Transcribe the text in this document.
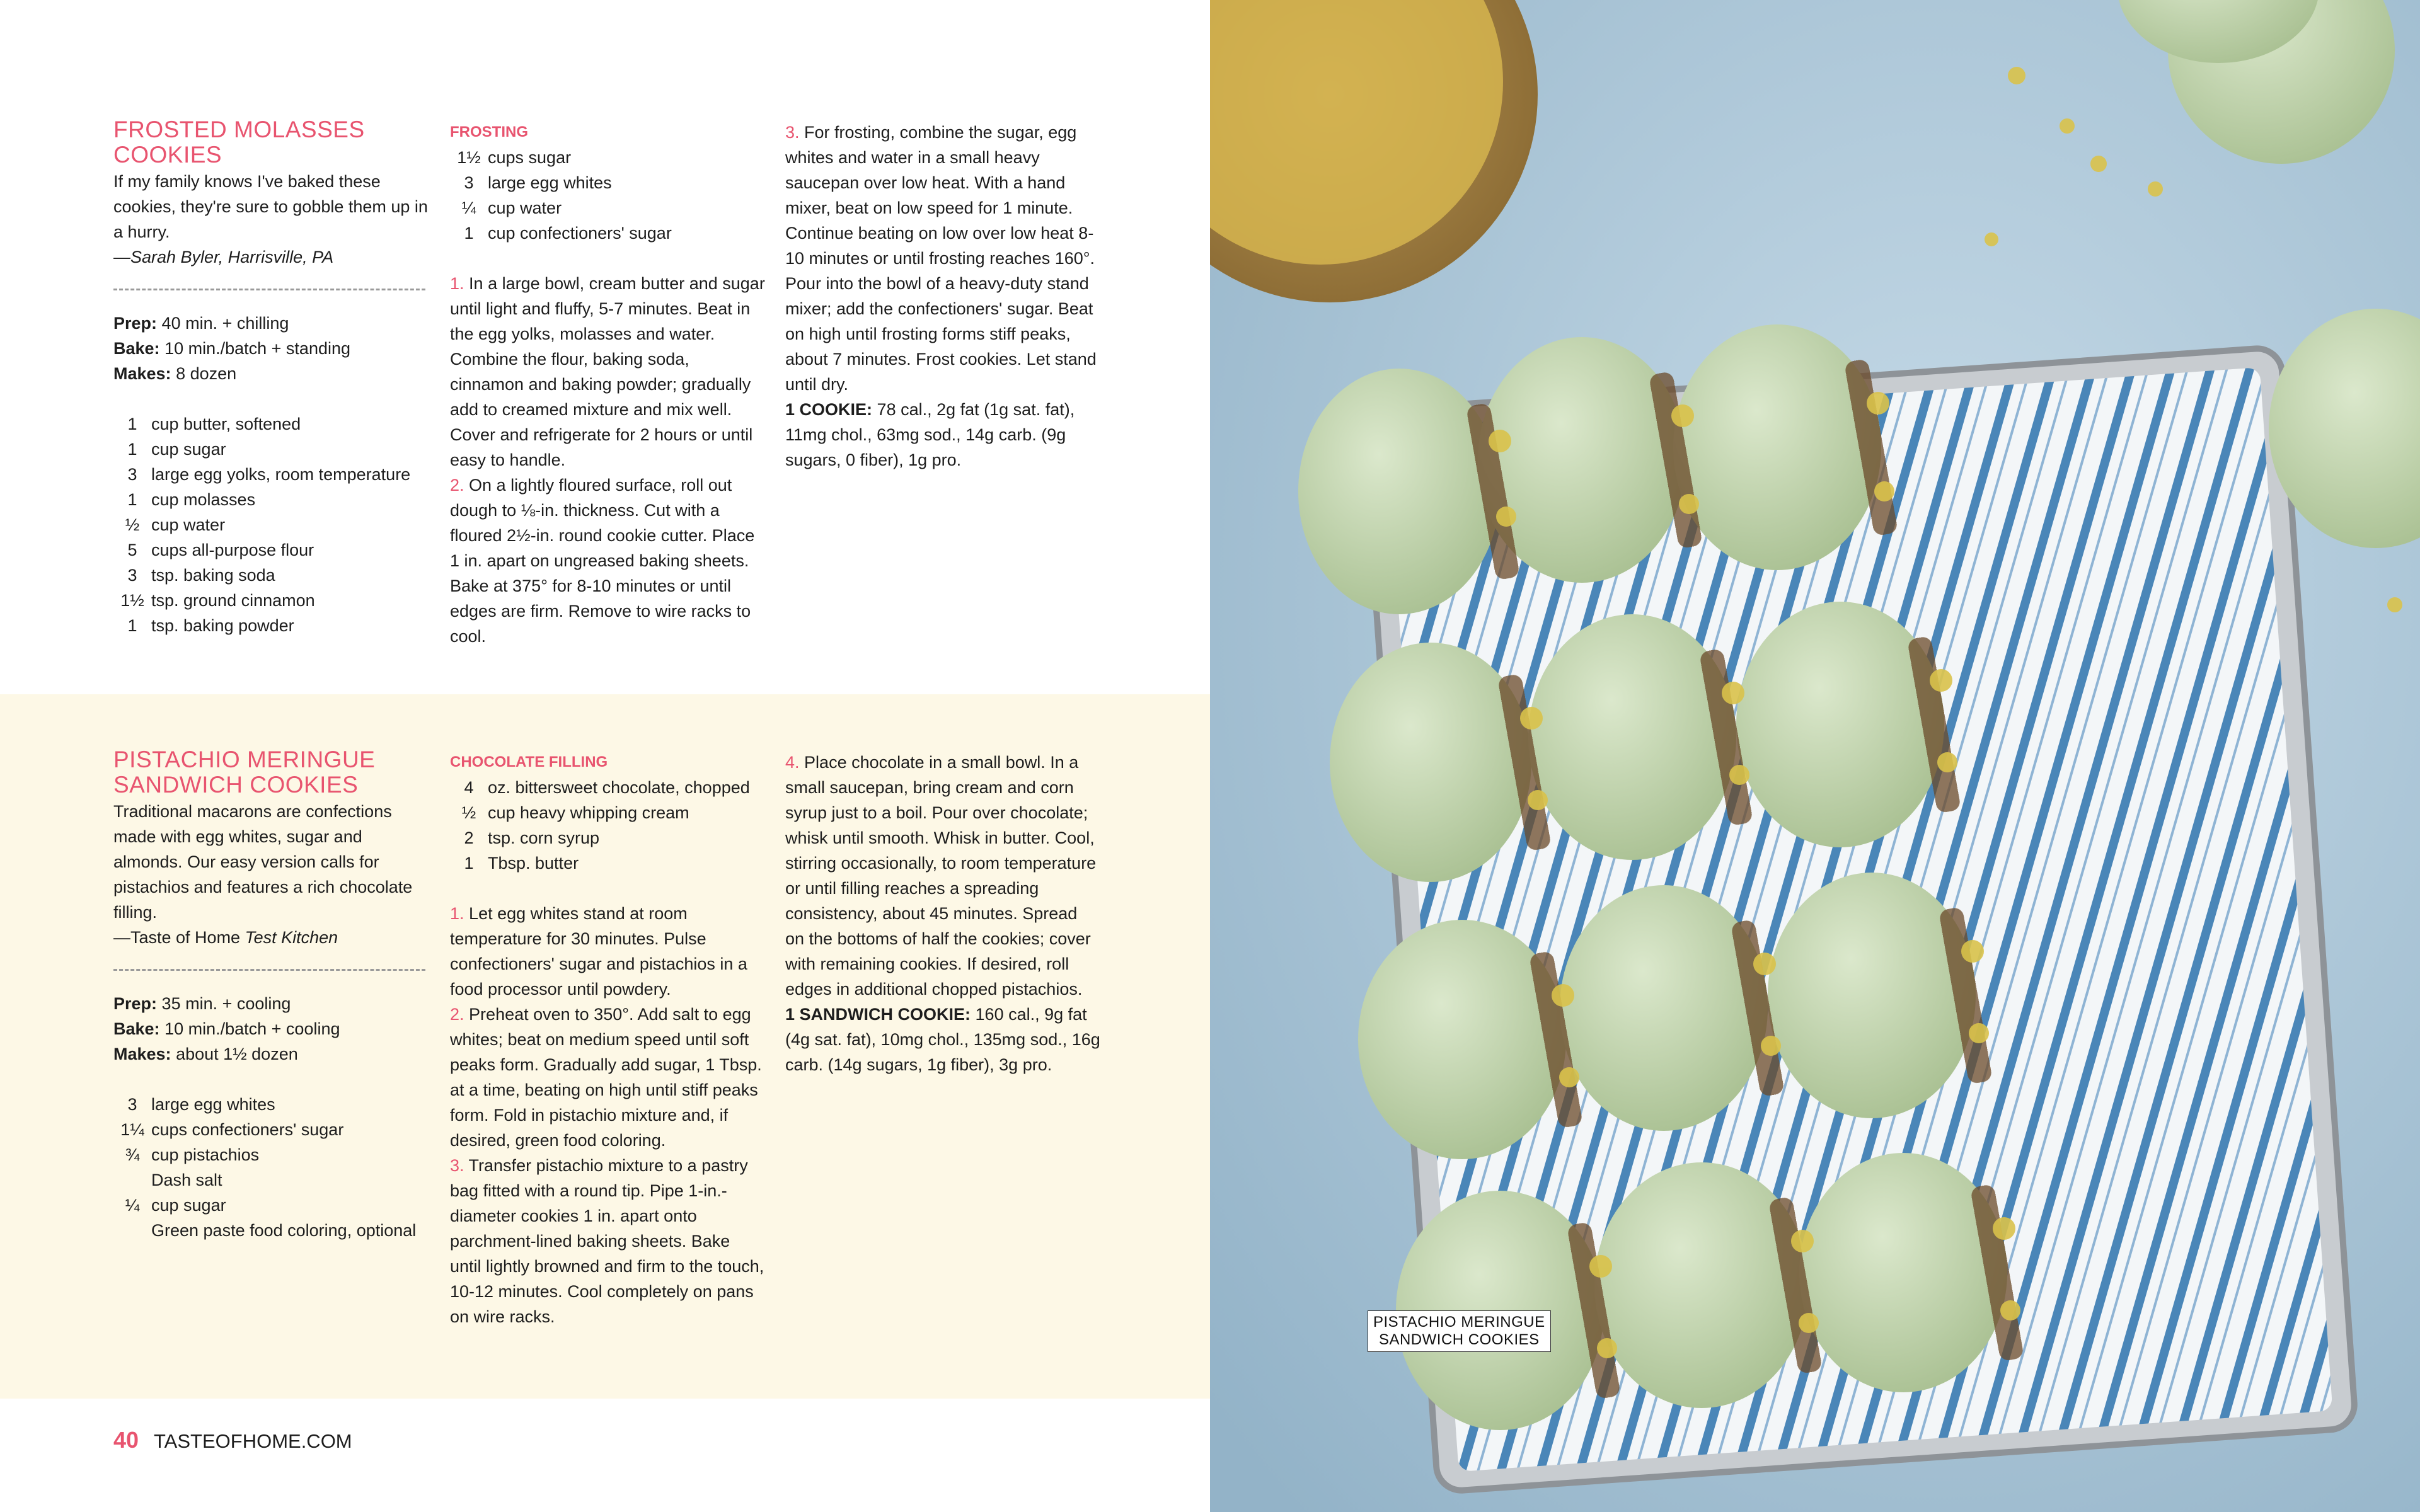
FROSTED MOLASSES COOKIES

If my family knows I've baked these cookies, they're sure to gobble them up in a hurry.

—Sarah Byler, Harrisville, PA

Prep: 40 min. + chilling

Bake: 10 min./batch + standing

Makes: 8 dozen

1 cup butter, softened
1 cup sugar
3 large egg yolks, room temperature
1 cup molasses
½ cup water
5 cups all-purpose flour
3 tsp. baking soda
1½ tsp. ground cinnamon
1 tsp. baking powder

FROSTING

1½ cups sugar
3 large egg whites
¼ cup water
1 cup confectioners' sugar

1. In a large bowl, cream butter and sugar until light and fluffy, 5-7 minutes. Beat in the egg yolks, molasses and water. Combine the flour, baking soda, cinnamon and baking powder; gradually add to creamed mixture and mix well. Cover and refrigerate for 2 hours or until easy to handle.

2. On a lightly floured surface, roll out dough to ⅛-in. thickness. Cut with a floured 2½-in. round cookie cutter. Place 1 in. apart on ungreased baking sheets. Bake at 375° for 8-10 minutes or until edges are firm. Remove to wire racks to cool.

3. For frosting, combine the sugar, egg whites and water in a small heavy saucepan over low heat. With a hand mixer, beat on low speed for 1 minute. Continue beating on low over low heat 8-10 minutes or until frosting reaches 160°. Pour into the bowl of a heavy-duty stand mixer; add the confectioners' sugar. Beat on high until frosting forms stiff peaks, about 7 minutes. Frost cookies. Let stand until dry.

1 COOKIE: 78 cal., 2g fat (1g sat. fat), 11mg chol., 63mg sod., 14g carb. (9g sugars, 0 fiber), 1g pro.

PISTACHIO MERINGUE SANDWICH COOKIES

Traditional macarons are confections made with egg whites, sugar and almonds. Our easy version calls for pistachios and features a rich chocolate filling.

—Taste of Home Test Kitchen

Prep: 35 min. + cooling

Bake: 10 min./batch + cooling

Makes: about 1½ dozen

3 large egg whites
1¼ cups confectioners' sugar
¾ cup pistachios
Dash salt
¼ cup sugar
Green paste food coloring, optional

CHOCOLATE FILLING

4 oz. bittersweet chocolate, chopped
½ cup heavy whipping cream
2 tsp. corn syrup
1 Tbsp. butter

1. Let egg whites stand at room temperature for 30 minutes. Pulse confectioners' sugar and pistachios in a food processor until powdery.

2. Preheat oven to 350°. Add salt to egg whites; beat on medium speed until soft peaks form. Gradually add sugar, 1 Tbsp. at a time, beating on high until stiff peaks form. Fold in pistachio mixture and, if desired, green food coloring.

3. Transfer pistachio mixture to a pastry bag fitted with a round tip. Pipe 1-in.-diameter cookies 1 in. apart onto parchment-lined baking sheets. Bake until lightly browned and firm to the touch, 10-12 minutes. Cool completely on pans on wire racks.

4. Place chocolate in a small bowl. In a small saucepan, bring cream and corn syrup just to a boil. Pour over chocolate; whisk until smooth. Whisk in butter. Cool, stirring occasionally, to room temperature or until filling reaches a spreading consistency, about 45 minutes. Spread on the bottoms of half the cookies; cover with remaining cookies. If desired, roll edges in additional chopped pistachios.

1 SANDWICH COOKIE: 160 cal., 9g fat (4g sat. fat), 10mg chol., 135mg sod., 16g carb. (14g sugars, 1g fiber), 3g pro.

40 TASTEOFHOME.COM
PISTACHIO MERINGUE
SANDWICH COOKIES
